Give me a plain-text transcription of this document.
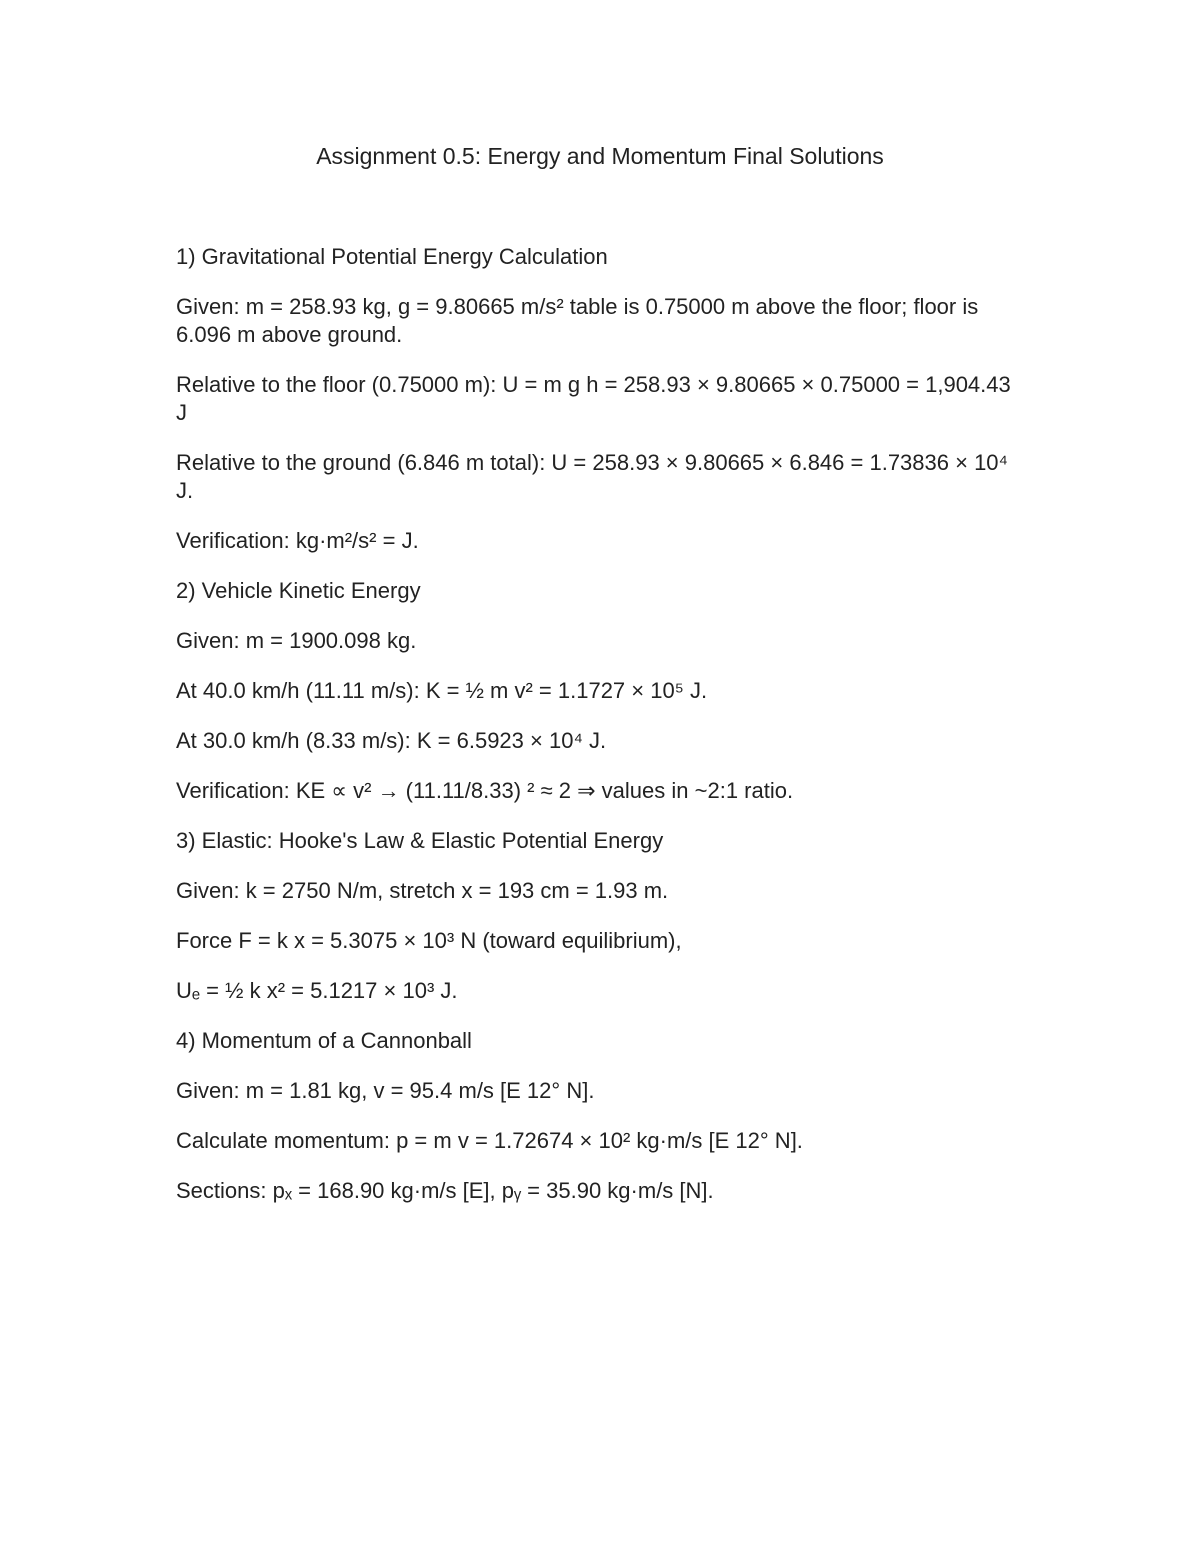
Assignment 0.5: Energy and Momentum Final Solutions

1) Gravitational Potential Energy Calculation

Given: m = 258.93 kg, g = 9.80665 m/s² table is 0.75000 m above the floor; floor is 6.096 m above ground.

Relative to the floor (0.75000 m): U = m g h = 258.93 × 9.80665 × 0.75000 = 1,904.43 J

Relative to the ground (6.846 m total): U = 258.93 × 9.80665 × 6.846 = 1.73836 × 10⁴ J.

Verification: kg·m²/s² = J.

2) Vehicle Kinetic Energy

Given: m = 1900.098 kg.

At 40.0 km/h (11.11 m/s): K = ½ m v² = 1.1727 × 10⁵ J.

At 30.0 km/h (8.33 m/s): K = 6.5923 × 10⁴ J.

Verification: KE ∝ v² → (11.11/8.33) ² ≈ 2 ⇒ values in ~2:1 ratio.

3) Elastic: Hooke's Law & Elastic Potential Energy

Given: k = 2750 N/m, stretch x = 193 cm = 1.93 m.

Force F = k x = 5.3075 × 10³ N (toward equilibrium),

Uₑ = ½ k x² = 5.1217 × 10³ J.

4) Momentum of a Cannonball

Given: m = 1.81 kg, v = 95.4 m/s [E 12° N].

Calculate momentum: p = m v = 1.72674 × 10² kg·m/s [E 12° N].

Sections: pₓ = 168.90 kg·m/s [E], pᵧ = 35.90 kg·m/s [N].
